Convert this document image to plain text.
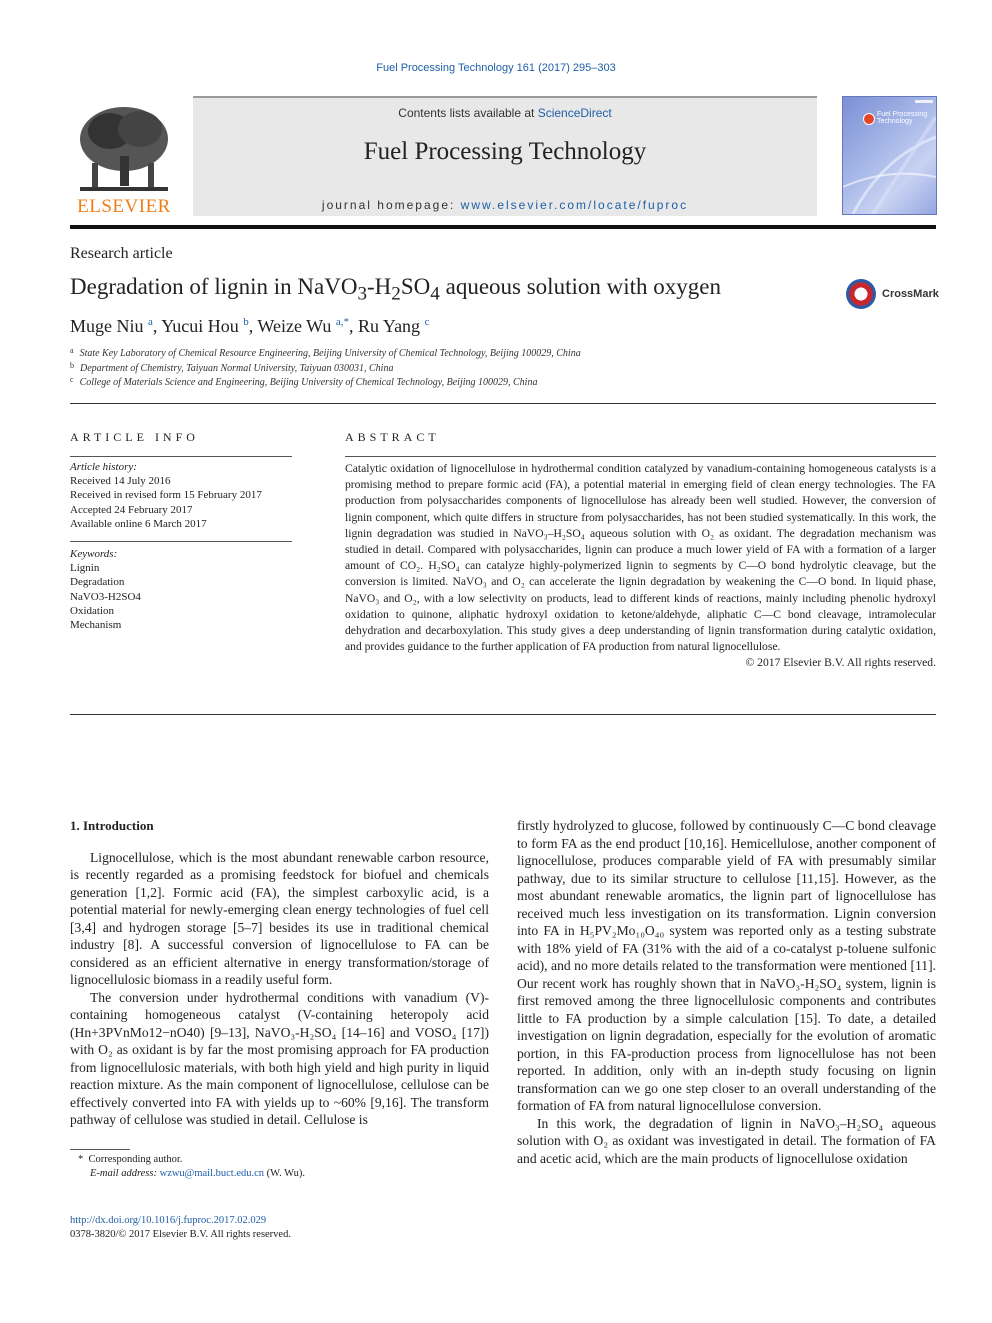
Fuel Processing Technology 161 (2017) 295–303
ELSEVIER
Contents lists available at ScienceDirect
Fuel Processing Technology
journal homepage: www.elsevier.com/locate/fuproc
Fuel Processing Technology
Research article
Degradation of lignin in $NaVO_3-H_2SO_4$ aqueous solution with oxygen	CrossMark
Muge Niu $^a$, Yucui Hou $^b$, Weize Wu $^{a,*}$, Ru Yang $^c$
$^a$ State Key Laboratory of Chemical Resource Engineering, Beijing University of Chemical Technology, Beijing 100029, China
$^b$ Department of Chemistry, Taiyuan Normal University, Taiyuan 030031, China
$^c$ College of Materials Science and Engineering, Beijing University of Chemical Technology, Beijing 100029, China
ARTICLE INFO	ABSTRACT
Article history:
Received 14 July 2016
Received in revised form 15 February 2017
Accepted 24 February 2017
Available online 6 March 2017
Keywords:
Lignin
Degradation
NaVO3-H2SO4
Oxidation
Mechanism

Catalytic oxidation of lignocellulose in hydrothermal condition catalyzed by vanadium-containing homogeneous catalysts is a promising method to prepare formic acid (FA), a potential material in emerging field of clean energy technologies. The FA production from polysaccharides components of lignocellulose has already been well studied. However, the conversion of lignin component, which quite differs in structure from polysaccharides, has not been studied systematically. In this work, the lignin degradation was studied in NaVO₃–H₂SO₄ aqueous solution with O₂ as oxidant. The degradation mechanism was studied in detail. Compared with polysaccharides, lignin can produce a much lower yield of FA with a formation of a larger amount of CO₂. H₂SO₄ can catalyze highly-polymerized lignin to segments by C—O bond hydrolytic cleavage, but the conversion is limited. NaVO₃ and O₂ can accelerate the lignin degradation by weakening the C—O bond. In liquid phase, NaVO₃ and O₂, with a low selectivity on products, lead to different kinds of reactions, mainly including phenolic hydroxyl oxidation to quinone, aliphatic hydroxyl oxidation to ketone/aldehyde, aliphatic C—C bond cleavage, intramolecular dehydration and decarboxylation. This study gives a deep understanding of lignin transformation during catalytic oxidation, and provides guidance to the further application of FA production from natural lignocellulose.

© 2017 Elsevier B.V. All rights reserved.

1. Introduction

Lignocellulose, which is the most abundant renewable carbon resource, is recently regarded as a promising feedstock for biofuel and chemicals generation [1,2]. Formic acid (FA), the simplest carboxylic acid, is a potential material for newly-emerging clean energy technologies of fuel cell [3,4] and hydrogen storage [5–7] besides its use in traditional chemical industry [8]. A successful conversion of lignocellulose to FA can be considered as an efficient alternative in energy transformation/storage of lignocellulosic biomass in a readily useful form.

The conversion under hydrothermal conditions with vanadium (V)-containing homogeneous catalyst (V-containing heteropoly acid (Hn+3PVnMo12−nO40) [9–13], NaVO₃-H₂SO₄ [14–16] and VOSO₄ [17]) with O₂ as oxidant is by far the most promising approach for FA production from lignocellulosic materials, with both high yield and high purity in liquid reaction mixture. As the main component of lignocellulose, cellulose can be effectively converted into FA with yields up to ~60% [9,16]. The transform pathway of cellulose was studied in detail. Cellulose is

firstly hydrolyzed to glucose, followed by continuously C—C bond cleavage to form FA as the end product [10,16]. Hemicellulose, another component of lignocellulose, produces comparable yield of FA with presumably similar pathway, due to its similar structure to cellulose [11,15]. However, as the most abundant renewable aromatics, the lignin part of lignocellulose has received much less investigation on its transformation. Lignin conversion into FA in H₅PV₂Mo₁₀O₄₀ system was reported only as a testing substrate with 18% yield of FA (31% with the aid of a co-catalyst p-toluene sulfonic acid), and no more details related to the transformation were mentioned [11]. Our recent work has roughly shown that in NaVO₃-H₂SO₄ system, lignin is first removed among the three lignocellulosic components and contributes little to FA production by a simple calculation [15]. To date, a detailed investigation on lignin degradation, especially for the evolution of aromatic portion, in this FA-production process from lignocellulose has not been reported. In addition, only with an in-depth study focusing on lignin transformation can we go one step closer to an overall understanding of the formation of FA from natural lignocellulose conversion.

In this work, the degradation of lignin in NaVO₃–H₂SO₄ aqueous solution with O₂ as oxidant was investigated in detail. The formation of FA and acetic acid, which are the main products of lignocellulose oxidation

* Corresponding author.
E-mail address: wzwu@mail.buct.edu.cn (W. Wu).
http://dx.doi.org/10.1016/j.fuproc.2017.02.029
0378-3820/© 2017 Elsevier B.V. All rights reserved.
